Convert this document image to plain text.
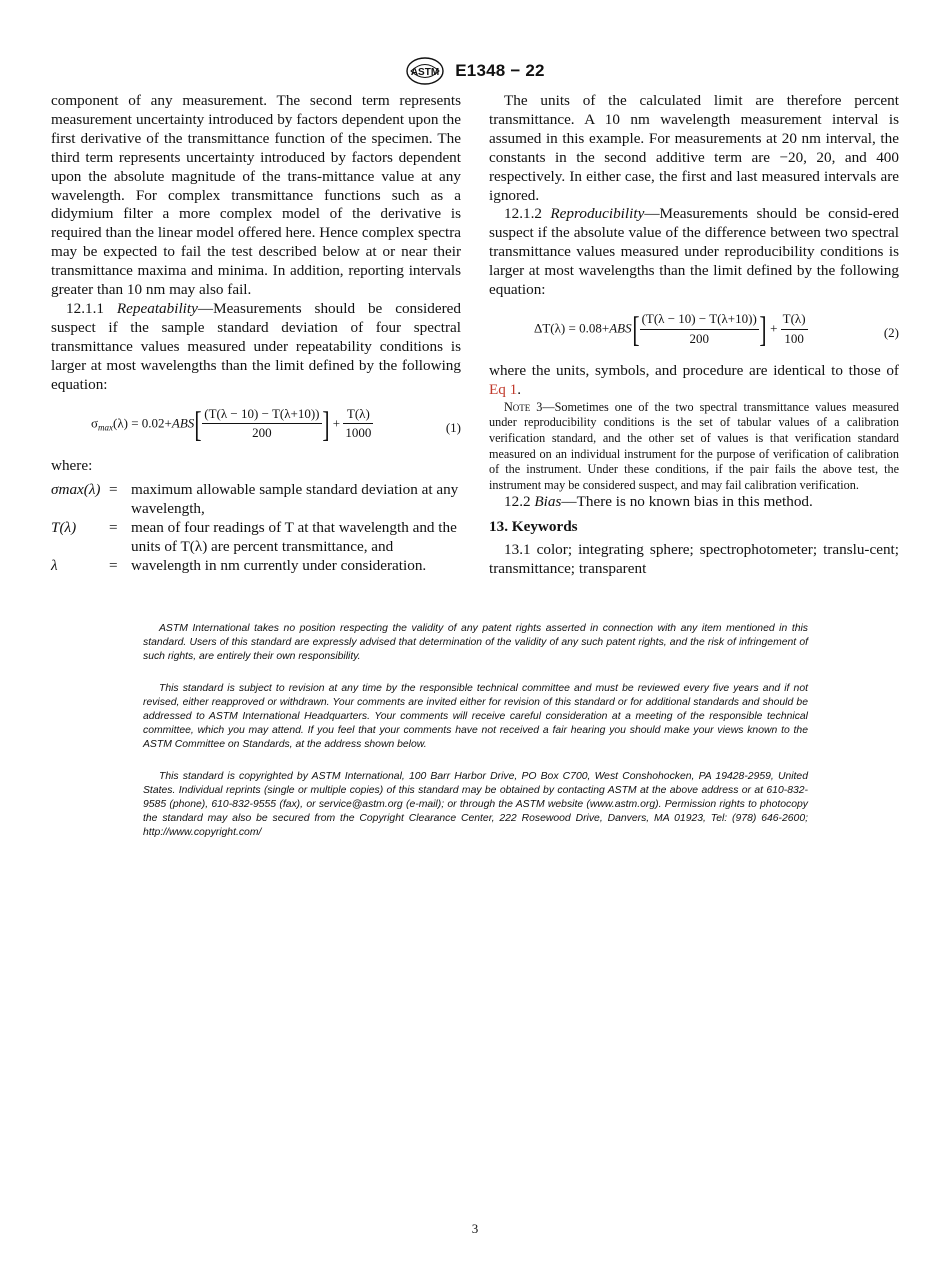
ASTM E1348 − 22

component of any measurement. The second term represents measurement uncertainty introduced by factors dependent upon the first derivative of the transmittance function of the specimen. The third term represents uncertainty introduced by factors dependent upon the absolute magnitude of the trans-mittance value at any wavelength. For complex transmittance functions such as a didymium filter a more complex model of the derivative is required than the linear model offered here. Hence complex spectra may be expected to fail the test described below at or near their transmittance maxima and minima. In addition, reporting intervals greater than 10 nm may also fail.

12.1.1 Repeatability—Measurements should be considered suspect if the sample standard deviation of four spectral transmittance values measured under repeatability conditions is larger at most wavelengths than the limit defined by the following equation:

$\sigma_{max}(\lambda) = 0.02+ABS[ \frac{(T(\lambda - 10) - T(\lambda+10))}{200}$ ] + $\frac{T(\lambda)}{1000}$	(1)

where:

σmax(λ) = maximum allowable sample standard deviation at any wavelength,
T(λ)	= mean of four readings of T at that wavelength and the units of T(λ) are percent transmittance, and
λ	= wavelength in nm currently under consideration.

The units of the calculated limit are therefore percent transmittance. A 10 nm wavelength measurement interval is assumed in this example. For measurements at 20 nm interval, the constants in the second additive term are −20, 20, and 400 respectively. In either case, the first and last measured intervals are ignored.

12.1.2 Reproducibility—Measurements should be consid-ered suspect if the absolute value of the difference between two spectral transmittance values measured under reproducibility conditions is larger at most wavelengths than the limit defined by the following equation:

$\Delta T(\lambda) = 0.08+ABS[ \frac{(T(\lambda - 10) - T(\lambda+10))}{200}$ ] + $\frac{T(\lambda)}{100}$	(2)

where the units, symbols, and procedure are identical to those of Eq 1.

Note 3—Sometimes one of the two spectral transmittance values measured under reproducibility conditions is the set of tabular values of a calibration verification standard, and the other set of values is that verification standard measured on an individual instrument for the purpose of verification of calibration of the instrument. Under these conditions, if the pair fails the above test, the instrument may be considered suspect, and may fail calibration verification.

12.2 Bias—There is no known bias in this method.

13. Keywords

13.1 color; integrating sphere; spectrophotometer; translu-cent; transmittance; transparent

ASTM International takes no position respecting the validity of any patent rights asserted in connection with any item mentioned in this standard. Users of this standard are expressly advised that determination of the validity of any such patent rights, and the risk of infringement of such rights, are entirely their own responsibility.

This standard is subject to revision at any time by the responsible technical committee and must be reviewed every five years and if not revised, either reapproved or withdrawn. Your comments are invited either for revision of this standard or for additional standards and should be addressed to ASTM International Headquarters. Your comments will receive careful consideration at a meeting of the responsible technical committee, which you may attend. If you feel that your comments have not received a fair hearing you should make your views known to the ASTM Committee on Standards, at the address shown below.

This standard is copyrighted by ASTM International, 100 Barr Harbor Drive, PO Box C700, West Conshohocken, PA 19428-2959, United States. Individual reprints (single or multiple copies) of this standard may be obtained by contacting ASTM at the above address or at 610-832-9585 (phone), 610-832-9555 (fax), or service@astm.org (e-mail); or through the ASTM website (www.astm.org). Permission rights to photocopy the standard may also be secured from the Copyright Clearance Center, 222 Rosewood Drive, Danvers, MA 01923, Tel: (978) 646-2600; http://www.copyright.com/

3
